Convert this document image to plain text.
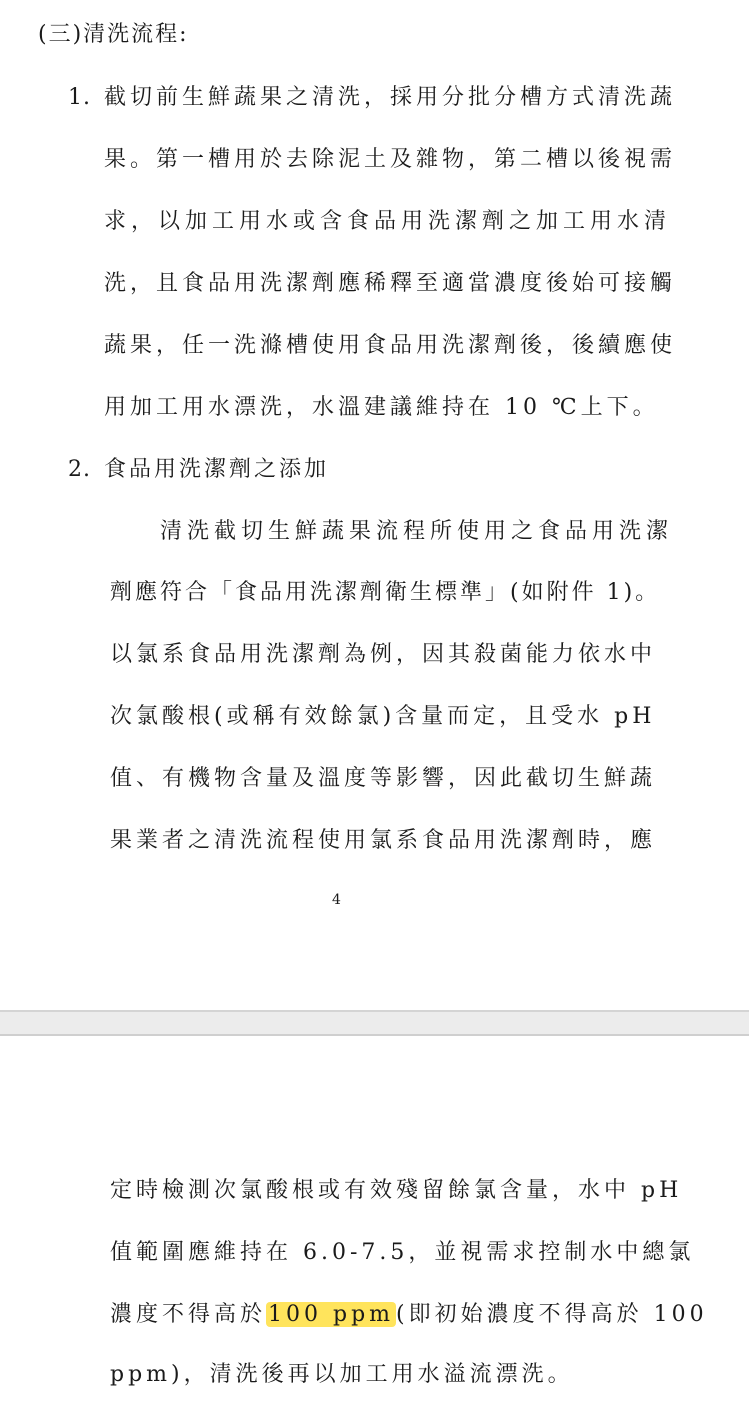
(三)清洗流程:
1. 截切前生鮮蔬果之清洗，採用分批分槽方式清洗蔬
果。第一槽用於去除泥土及雜物，第二槽以後視需
求，以加工用水或含食品用洗潔劑之加工用水清
洗，且食品用洗潔劑應稀釋至適當濃度後始可接觸
蔬果，任一洗滌槽使用食品用洗潔劑後，後續應使
用加工用水漂洗，水溫建議維持在 10 ℃上下。
2. 食品用洗潔劑之添加
清洗截切生鮮蔬果流程所使用之食品用洗潔
劑應符合「食品用洗潔劑衛生標準」(如附件 1)。
以氯系食品用洗潔劑為例，因其殺菌能力依水中
次氯酸根(或稱有效餘氯)含量而定，且受水 pH
值、有機物含量及溫度等影響，因此截切生鮮蔬
果業者之清洗流程使用氯系食品用洗潔劑時，應
4
定時檢測次氯酸根或有效殘留餘氯含量，水中 pH
值範圍應維持在 6.0-7.5，並視需求控制水中總氯
濃度不得高於100 ppm(即初始濃度不得高於 100
ppm)，清洗後再以加工用水溢流漂洗。
